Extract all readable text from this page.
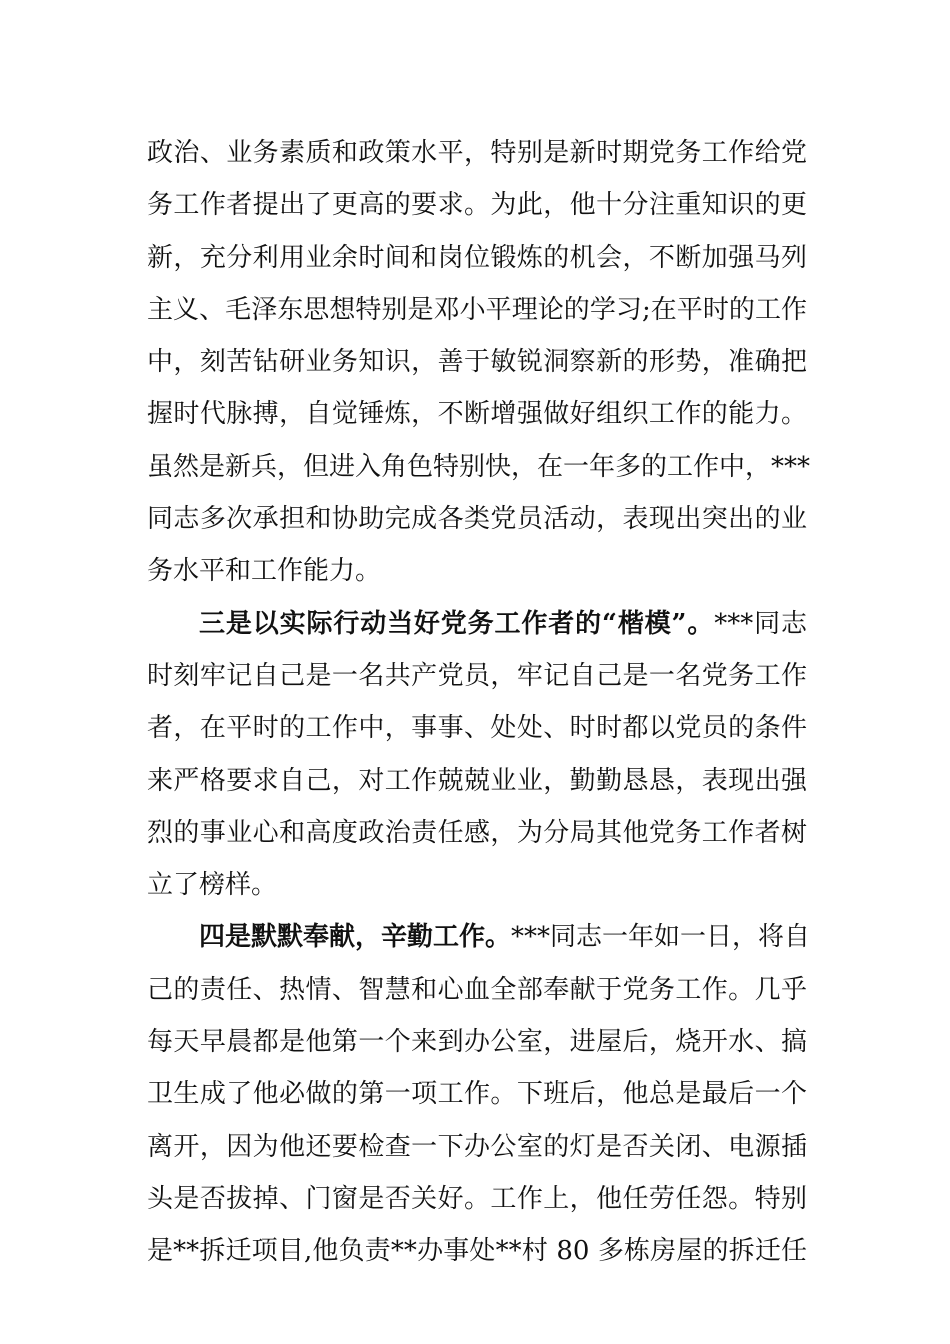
政治、业务素质和政策水平，特别是新时期党务工作给党
务工作者提出了更高的要求。为此，他十分注重知识的更
新，充分利用业余时间和岗位锻炼的机会，不断加强马列
主义、毛泽东思想特别是邓小平理论的学习;在平时的工作
中，刻苦钻研业务知识，善于敏锐洞察新的形势，准确把
握时代脉搏，自觉锤炼，不断增强做好组织工作的能力。
虽然是新兵，但进入角色特别快，在一年多的工作中，***
同志多次承担和协助完成各类党员活动，表现出突出的业
务水平和工作能力。
三是以实际行动当好党务工作者的“楷模”。***同志
时刻牢记自己是一名共产党员，牢记自己是一名党务工作
者，在平时的工作中，事事、处处、时时都以党员的条件
来严格要求自己，对工作兢兢业业，勤勤恳恳，表现出强
烈的事业心和高度政治责任感，为分局其他党务工作者树
立了榜样。
四是默默奉献，辛勤工作。***同志一年如一日，将自
己的责任、热情、智慧和心血全部奉献于党务工作。几乎
每天早晨都是他第一个来到办公室，进屋后，烧开水、搞
卫生成了他必做的第一项工作。下班后，他总是最后一个
离开，因为他还要检查一下办公室的灯是否关闭、电源插
头是否拔掉、门窗是否关好。工作上，他任劳任怨。特别
是**拆迁项目,他负责**办事处**村 80 多栋房屋的拆迁任
